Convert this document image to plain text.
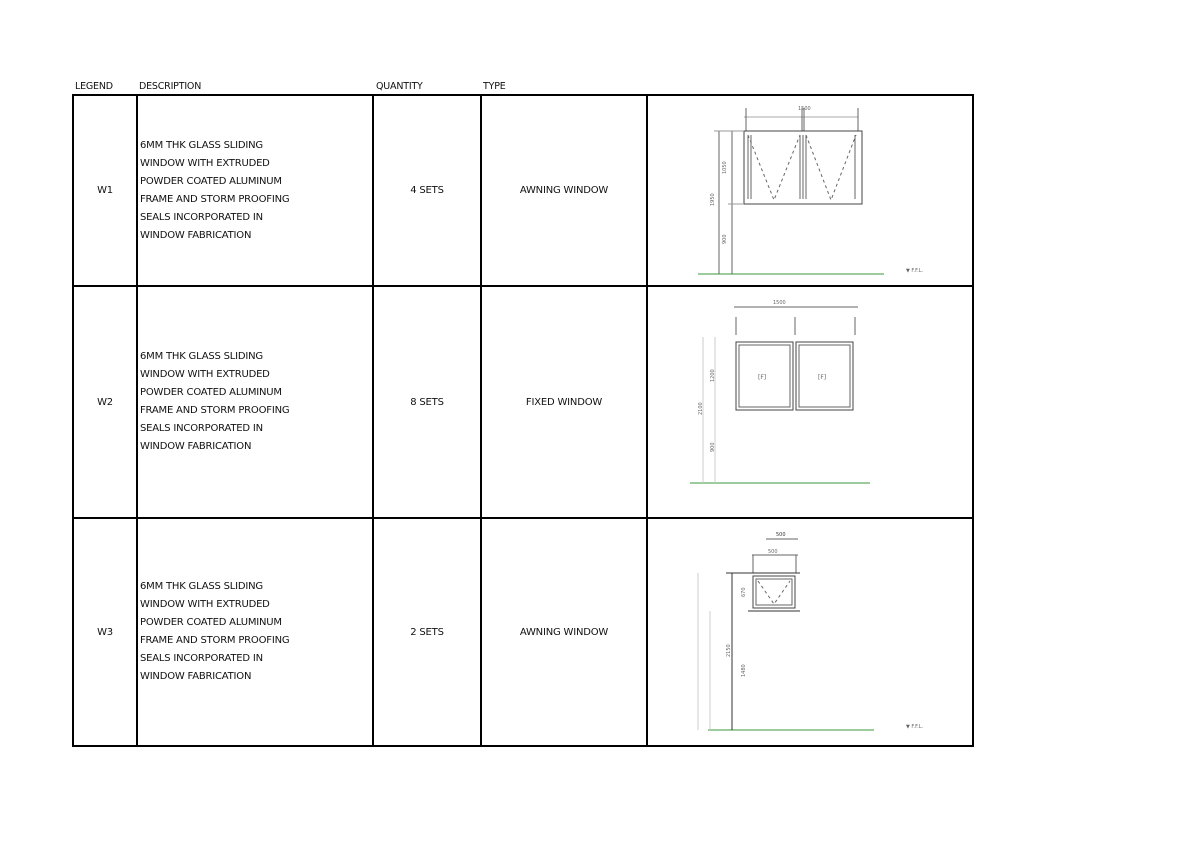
LEGEND	DESCRIPTION	QUANTITY	TYPE
W1
6MM THK GLASS SLIDING
WINDOW WITH EXTRUDED
POWDER COATED ALUMINUM
FRAME AND STORM PROOFING
SEALS INCORPORATED IN
WINDOW FABRICATION
4 SETS	AWNING WINDOW
1500
1050
900
1950
▼ F.F.L.
W2
6MM THK GLASS SLIDING
WINDOW WITH EXTRUDED
POWDER COATED ALUMINUM
FRAME AND STORM PROOFING
SEALS INCORPORATED IN
WINDOW FABRICATION
8 SETS	FIXED WINDOW
[F]	[F]
1500
1200
900
2100
W3
6MM THK GLASS SLIDING
WINDOW WITH EXTRUDED
POWDER COATED ALUMINUM
FRAME AND STORM PROOFING
SEALS INCORPORATED IN
WINDOW FABRICATION
2 SETS	AWNING WINDOW
500
500
670
1480
2150
▼ F.F.L.
